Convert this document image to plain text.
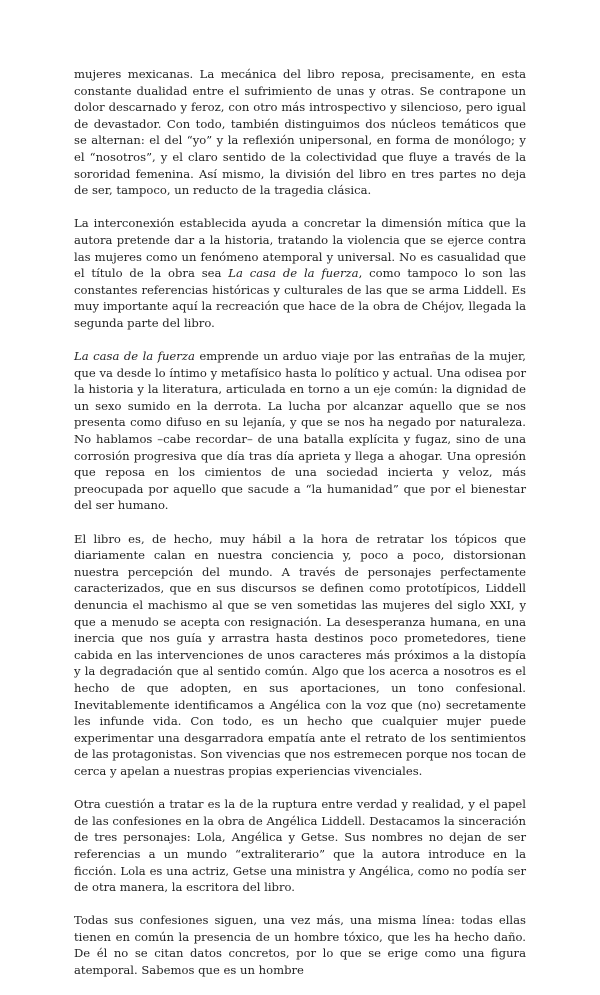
mujeres mexicanas. La mecánica del libro reposa, precisamente, en esta constante dualidad entre el sufrimiento de unas y otras. Se contrapone un dolor descarnado y feroz, con otro más introspectivo y silencioso, pero igual de devastador. Con todo, también distinguimos dos núcleos temáticos que se alternan: el del “yo” y la reflexión unipersonal, en forma de monólogo; y el “nosotros”, y el claro sentido de la colectividad que fluye a través de la sororidad femenina. Así mismo, la división del libro en tres partes no deja de ser, tampoco, un reducto de la tragedia clásica.

La interconexión establecida ayuda a concretar la dimensión mítica que la autora pretende dar a la historia, tratando la violencia que se ejerce contra las mujeres como un fenómeno atemporal y universal. No es casualidad que el título de la obra sea La casa de la fuerza, como tampoco lo son las constantes referencias históricas y culturales de las que se arma Liddell. Es muy importante aquí la recreación que hace de la obra de Chéjov, llegada la segunda parte del libro.

La casa de la fuerza emprende un arduo viaje por las entrañas de la mujer, que va desde lo íntimo y metafísico hasta lo político y actual. Una odisea por la historia y la literatura, articulada en torno a un eje común: la dignidad de un sexo sumido en la derrota. La lucha por alcanzar aquello que se nos presenta como difuso en su lejanía, y que se nos ha negado por naturaleza. No hablamos –cabe recordar– de una batalla explícita y fugaz, sino de una corrosión progresiva que día tras día aprieta y llega a ahogar. Una opresión que reposa en los cimientos de una sociedad incierta y veloz, más preocupada por aquello que sacude a “la humanidad” que por el bienestar del ser humano.

El libro es, de hecho, muy hábil a la hora de retratar los tópicos que diariamente calan en nuestra conciencia y, poco a poco, distorsionan nuestra percepción del mundo. A través de personajes perfectamente caracterizados, que en sus discursos se definen como prototípicos, Liddell denuncia el machismo al que se ven sometidas las mujeres del siglo XXI, y que a menudo se acepta con resignación. La desesperanza humana, en una inercia que nos guía y arrastra hasta destinos poco prometedores, tiene cabida en las intervenciones de unos caracteres más próximos a la distopía y la degradación que al sentido común. Algo que los acerca a nosotros es el hecho de que adopten, en sus aportaciones, un tono confesional. Inevitablemente identificamos a Angélica con la voz que (no) secretamente les infunde vida. Con todo, es un hecho que cualquier mujer puede experimentar una desgarradora empatía ante el retrato de los sentimientos de las protagonistas. Son vivencias que nos estremecen porque nos tocan de cerca y apelan a nuestras propias experiencias vivenciales.

Otra cuestión a tratar es la de la ruptura entre verdad y realidad, y el papel de las confesiones en la obra de Angélica Liddell. Destacamos la sinceración de tres personajes: Lola, Angélica y Getse. Sus nombres no dejan de ser referencias a un mundo “extraliterario” que la autora introduce en la ficción. Lola es una actriz, Getse una ministra y Angélica, como no podía ser de otra manera, la escritora del libro.

Todas sus confesiones siguen, una vez más, una misma línea: todas ellas tienen en común la presencia de un hombre tóxico, que les ha hecho daño. De él no se citan datos concretos, por lo que se erige como una figura atemporal. Sabemos que es un hombre
